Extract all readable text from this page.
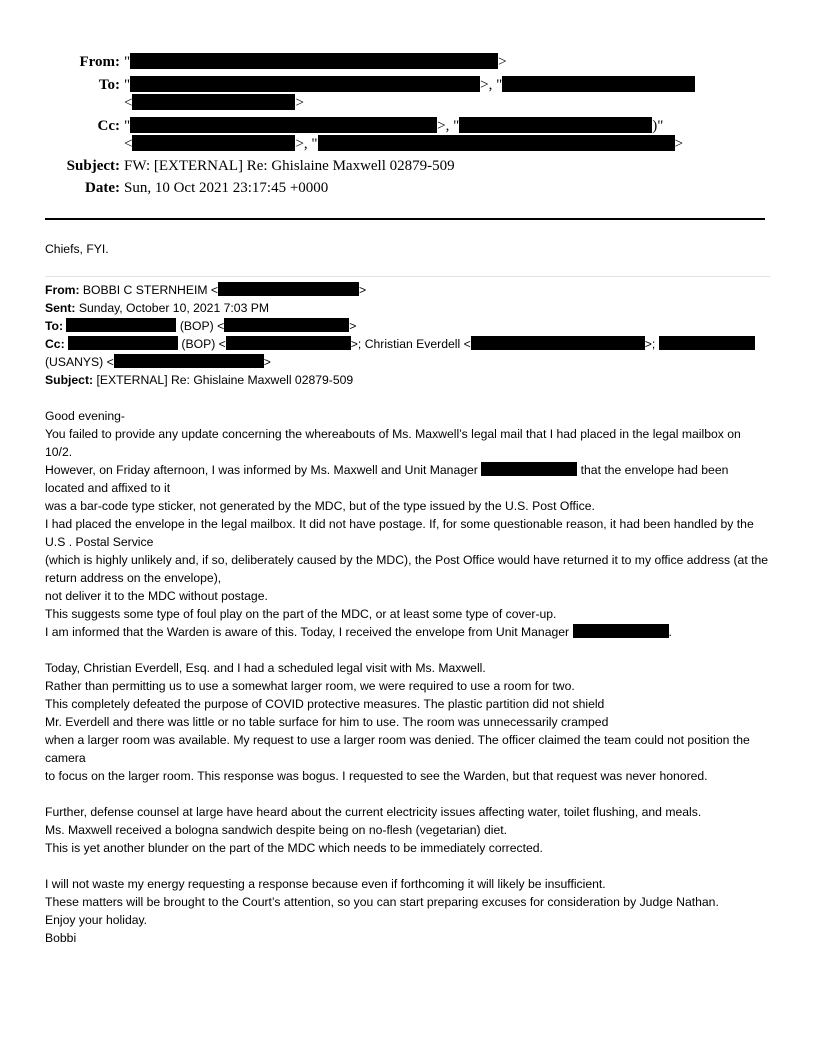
From: "	>
To: "	>, "
<	>
Cc: "	>, "	)"
<	>, "	>
Subject: FW: [EXTERNAL] Re: Ghislaine Maxwell 02879-509
Date: Sun, 10 Oct 2021 23:17:45 +0000
Chiefs, FYI.
From: BOBBI C STERNHEIM <	>
Sent: Sunday, October 10, 2021 7:03 PM
To:	(BOP) <	>
Cc:	(BOP) <	>; Christian Everdell <	>;
(USANYS) <	>
Subject: [EXTERNAL] Re: Ghislaine Maxwell 02879-509
Good evening-
You failed to provide any update concerning the whereabouts of Ms. Maxwell’s legal mail that I had placed in the legal mailbox on 10/2.
However, on Friday afternoon, I was informed by Ms. Maxwell and Unit Manager	that the envelope had been located and affixed to it
was a bar-code type sticker, not generated by the MDC, but of the type issued by the U.S. Post Office.
I had placed the envelope in the legal mailbox. It did not have postage. If, for some questionable reason, it had been handled by the U.S . Postal Service
(which is highly unlikely and, if so, deliberately caused by the MDC), the Post Office would have returned it to my office address (at the return address on the envelope),
not deliver it to the MDC without postage.
This suggests some type of foul play on the part of the MDC, or at least some type of cover-up.
I am informed that the Warden is aware of this. Today, I received the envelope from Unit Manager	.
Today, Christian Everdell, Esq. and I had a scheduled legal visit with Ms. Maxwell.
Rather than permitting us to use a somewhat larger room, we were required to use a room for two.
This completely defeated the purpose of COVID protective measures. The plastic partition did not shield
Mr. Everdell and there was little or no table surface for him to use. The room was unnecessarily cramped
when a larger room was available. My request to use a larger room was denied. The officer claimed the team could not position the camera
to focus on the larger room. This response was bogus. I requested to see the Warden, but that request was never honored.
Further, defense counsel at large have heard about the current electricity issues affecting water, toilet flushing, and meals.
Ms. Maxwell received a bologna sandwich despite being on no-flesh (vegetarian) diet.
This is yet another blunder on the part of the MDC which needs to be immediately corrected.
I will not waste my energy requesting a response because even if forthcoming it will likely be insufficient.
These matters will be brought to the Court’s attention, so you can start preparing excuses for consideration by Judge Nathan.
Enjoy your holiday.
Bobbi
